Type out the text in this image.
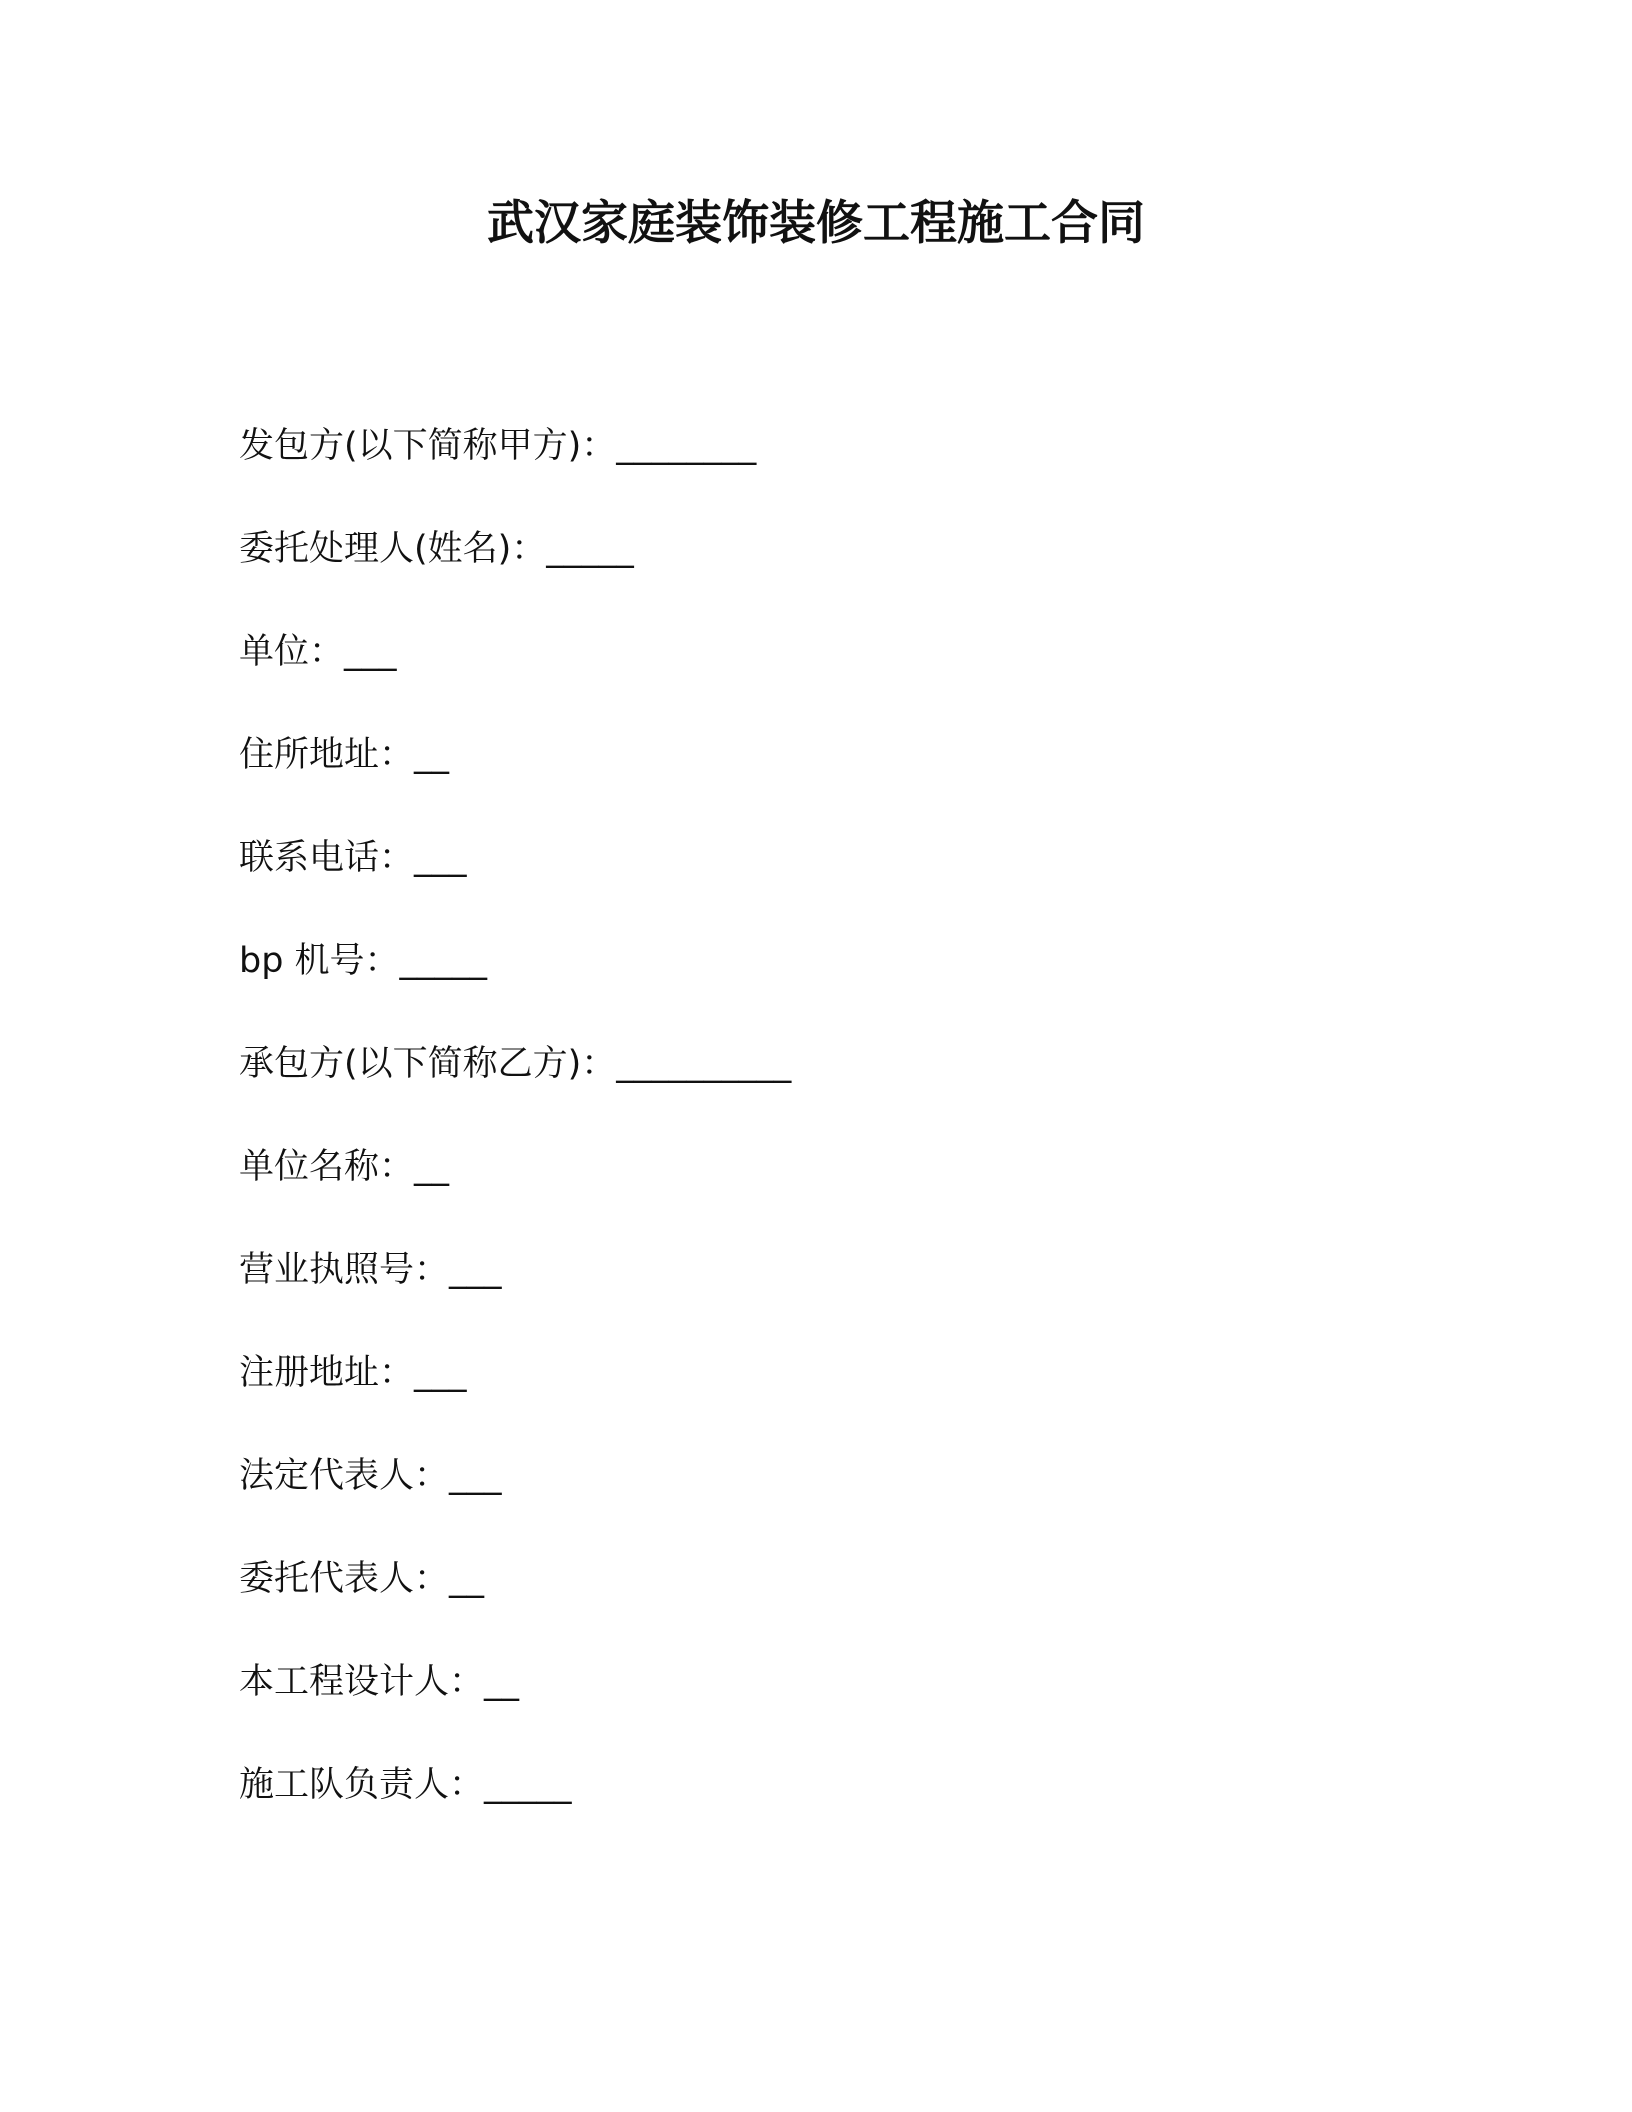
武汉家庭装饰装修工程施工合同
发包方(以下简称甲方)：________
委托处理人(姓名)：_____
单位：___
住所地址：__
联系电话：___
bp 机号：_____
承包方(以下简称乙方)：__________
单位名称：__
营业执照号：___
注册地址：___
法定代表人：___
委托代表人：__
本工程设计人：__
施工队负责人：_____
